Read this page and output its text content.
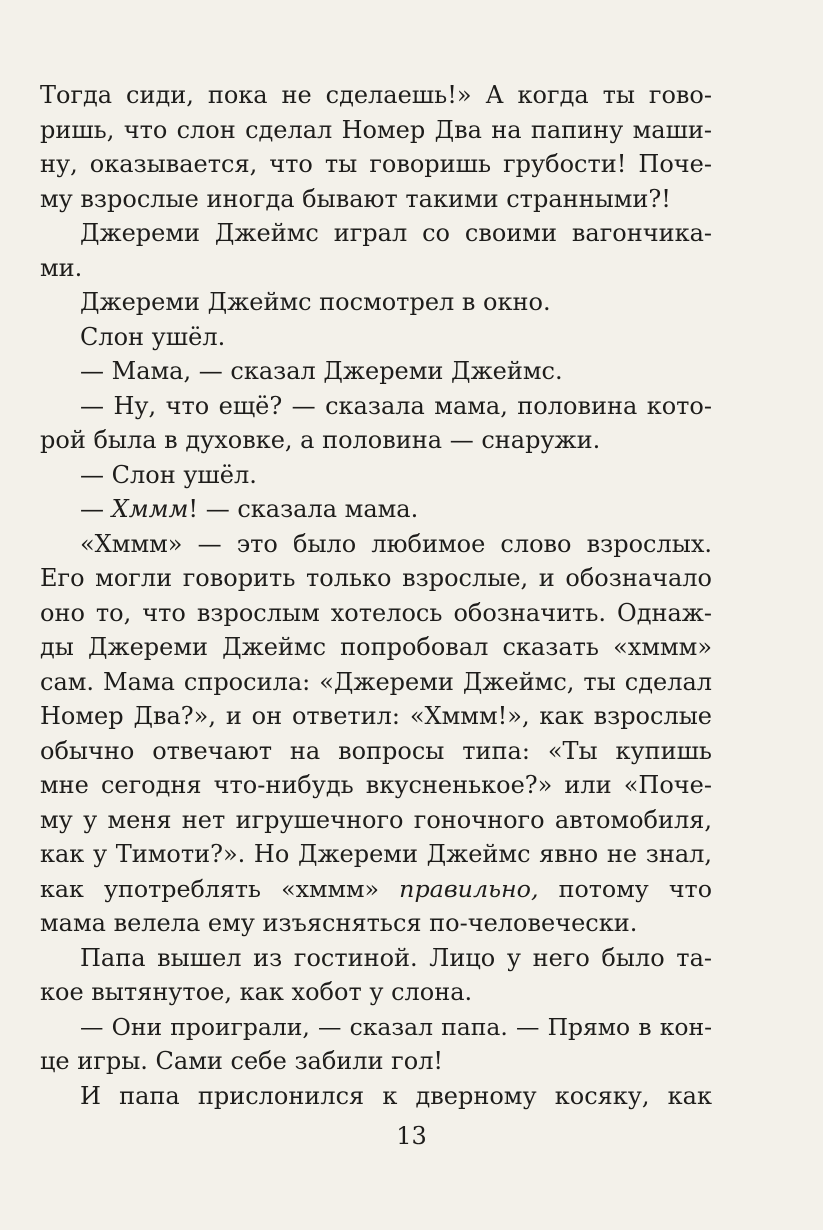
Тогда сиди, пока не сделаешь!» А когда ты гово-
ришь, что слон сделал Номер Два на папину маши-
ну, оказывается, что ты говоришь грубости! Поче-
му взрослые иногда бывают такими странными?!
Джереми Джеймс играл со своими вагончика-
ми.
Джереми Джеймс посмотрел в окно.
Слон ушёл.
— Мама, — сказал Джереми Джеймс.
— Ну, что ещё? — сказала мама, половина кото-
рой была в духовке, а половина — снаружи.
— Слон ушёл.
— Хммм! — сказала мама.
«Хммм» — это было любимое слово взрослых.
Его могли говорить только взрослые, и обозначало
оно то, что взрослым хотелось обозначить. Однаж-
ды Джереми Джеймс попробовал сказать «хммм»
сам. Мама спросила: «Джереми Джеймс, ты сделал
Номер Два?», и он ответил: «Хммм!», как взрослые
обычно отвечают на вопросы типа: «Ты купишь
мне сегодня что-нибудь вкусненькое?» или «Поче-
му у меня нет игрушечного гоночного автомобиля,
как у Тимоти?». Но Джереми Джеймс явно не знал,
как употреблять «хммм» правильно, потому что
мама велела ему изъясняться по-человечески.
Папа вышел из гостиной. Лицо у него было та-
кое вытянутое, как хобот у слона.
— Они проиграли, — сказал папа. — Прямо в кон-
це игры. Сами себе забили гол!
И папа прислонился к дверному косяку, как
13
